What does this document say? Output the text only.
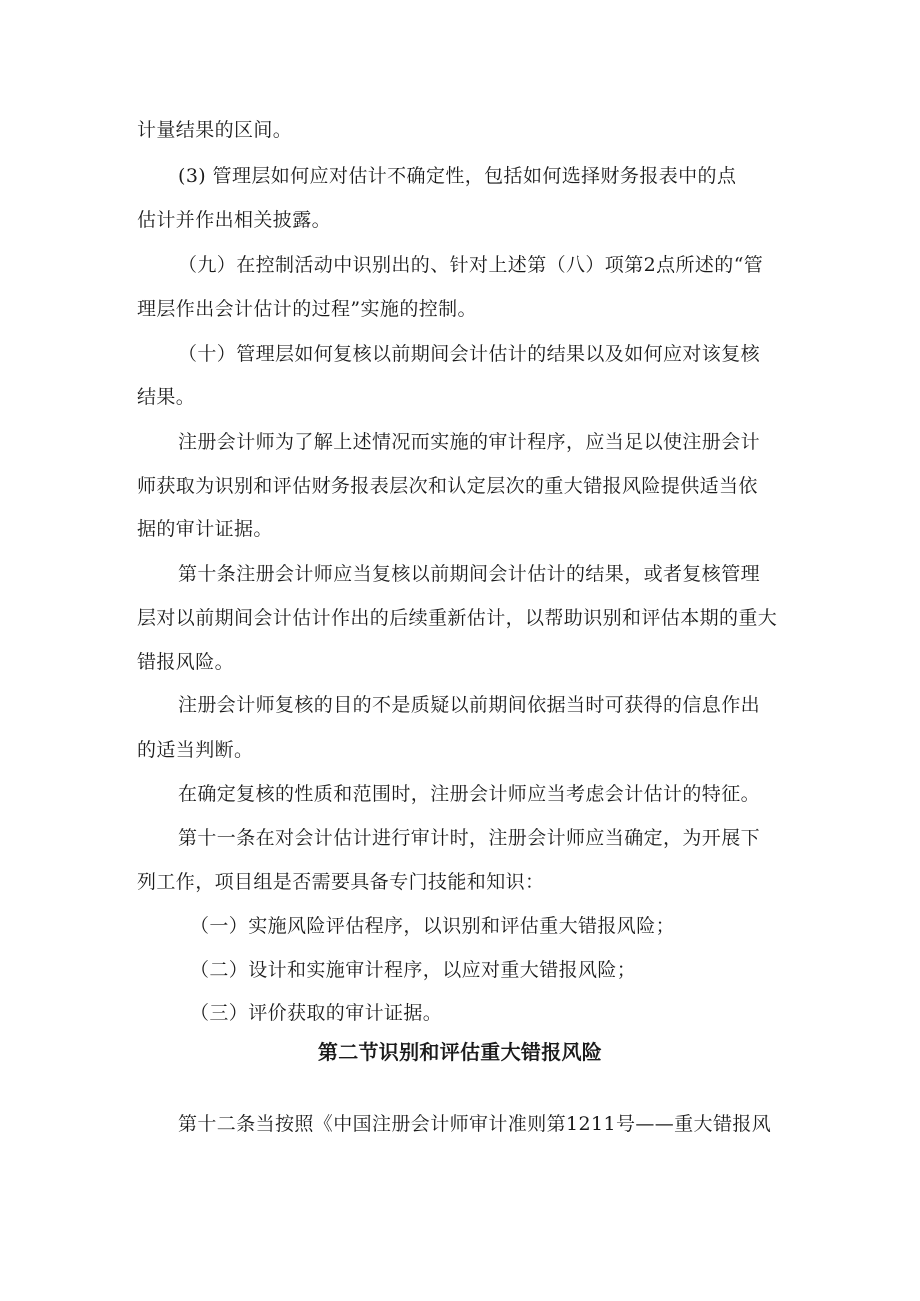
计量结果的区间。
(3) 管理层如何应对估计不确定性，包括如何选择财务报表中的点
估计并作出相关披露。
（九）在控制活动中识别出的、针对上述第（八）项第2点所述的“管
理层作出会计估计的过程”实施的控制。
（十）管理层如何复核以前期间会计估计的结果以及如何应对该复核
结果。
注册会计师为了解上述情况而实施的审计程序，应当足以使注册会计
师获取为识别和评估财务报表层次和认定层次的重大错报风险提供适当依
据的审计证据。
第十条注册会计师应当复核以前期间会计估计的结果，或者复核管理
层对以前期间会计估计作出的后续重新估计，以帮助识别和评估本期的重大
错报风险。
注册会计师复核的目的不是质疑以前期间依据当时可获得的信息作出
的适当判断。
在确定复核的性质和范围时，注册会计师应当考虑会计估计的特征。
第十一条在对会计估计进行审计时，注册会计师应当确定，为开展下
列工作，项目组是否需要具备专门技能和知识：
（一）实施风险评估程序，以识别和评估重大错报风险；
（二）设计和实施审计程序，以应对重大错报风险；
（三）评价获取的审计证据。
第二节识别和评估重大错报风险
第十二条当按照《中国注册会计师审计准则第1211号——重大错报风
